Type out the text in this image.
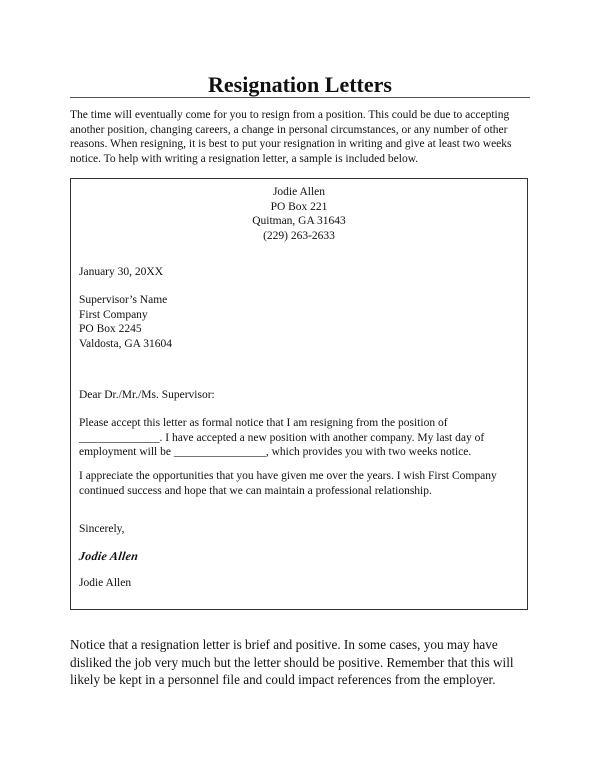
Resignation Letters

The time will eventually come for you to resign from a position. This could be due to accepting another position, changing careers, a change in personal circumstances, or any number of other reasons. When resigning, it is best to put your resignation in writing and give at least two weeks notice. To help with writing a resignation letter, a sample is included below.

Jodie Allen
PO Box 221
Quitman, GA 31643
(229) 263-2633
January 30, 20XX
Supervisor’s Name
First Company
PO Box 2245
Valdosta, GA 31604
Dear Dr./Mr./Ms. Supervisor:

Please accept this letter as formal notice that I am resigning from the position of ______________. I have accepted a new position with another company. My last day of employment will be ________________, which provides you with two weeks notice.

I appreciate the opportunities that you have given me over the years. I wish First Company continued success and hope that we can maintain a professional relationship.

Sincerely,
Jodie Allen
Jodie Allen

Notice that a resignation letter is brief and positive. In some cases, you may have disliked the job very much but the letter should be positive. Remember that this will likely be kept in a personnel file and could impact references from the employer.
